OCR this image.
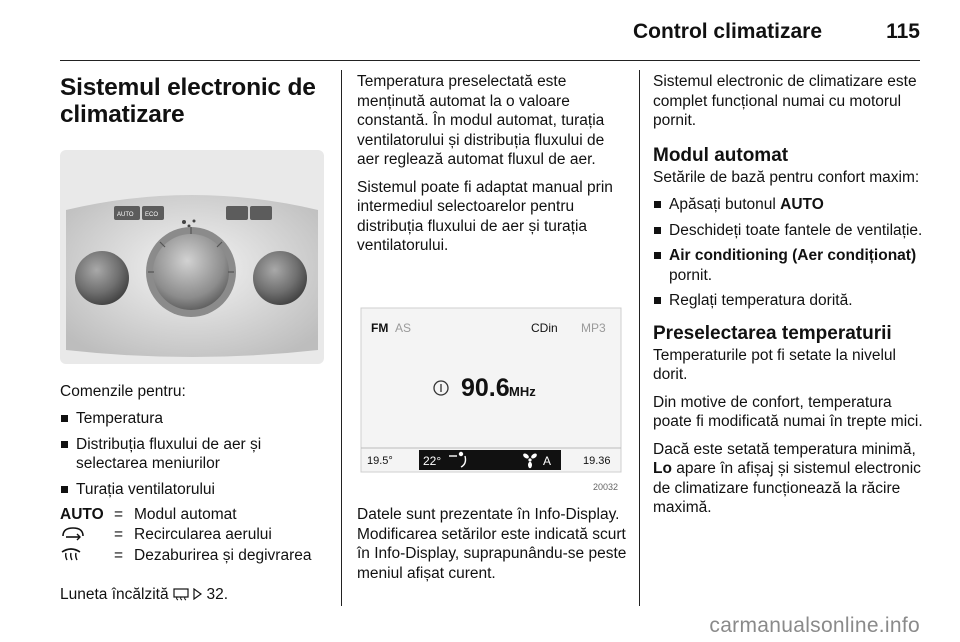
Control climatizare	115
Sistemul electronic de climatizare
AUTO ECO

Comenzile pentru:

Temperatura
Distribuția fluxului de aer și selectarea meniurilor
Turația ventilatorului
AUTO	=	Modul automat
	=	Recircularea aerului
	=	Dezaburirea și degivrarea

Luneta încălzită 32.

Temperatura preselectată este menținută automat la o valoare constantă. În modul automat, turația ventilatorului și distribuția fluxului de aer reglează automat fluxul de aer.

Sistemul poate fi adaptat manual prin intermediul selectoarelor pentru distribuția fluxului de aer și turația ventilatorului.

FM AS	CDin MP3
90.6 MHz
19.5°	22°	A	19.36
20032

Datele sunt prezentate în Info-Display. Modificarea setărilor este indicată scurt în Info-Display, suprapunându-se peste meniul afișat curent.

Sistemul electronic de climatizare este complet funcțional numai cu motorul pornit.

Modul automat

Setările de bază pentru confort maxim:

Apăsați butonul AUTO
Deschideți toate fantele de ventilație.
Air conditioning (Aer condiționat) pornit.
Reglați temperatura dorită.
Preselectarea temperaturii

Temperaturile pot fi setate la nivelul dorit.

Din motive de confort, temperatura poate fi modificată numai în trepte mici.

Dacă este setată temperatura minimă, Lo apare în afișaj și sistemul electronic de climatizare funcționează la răcire maximă.

carmanualsonline.info
